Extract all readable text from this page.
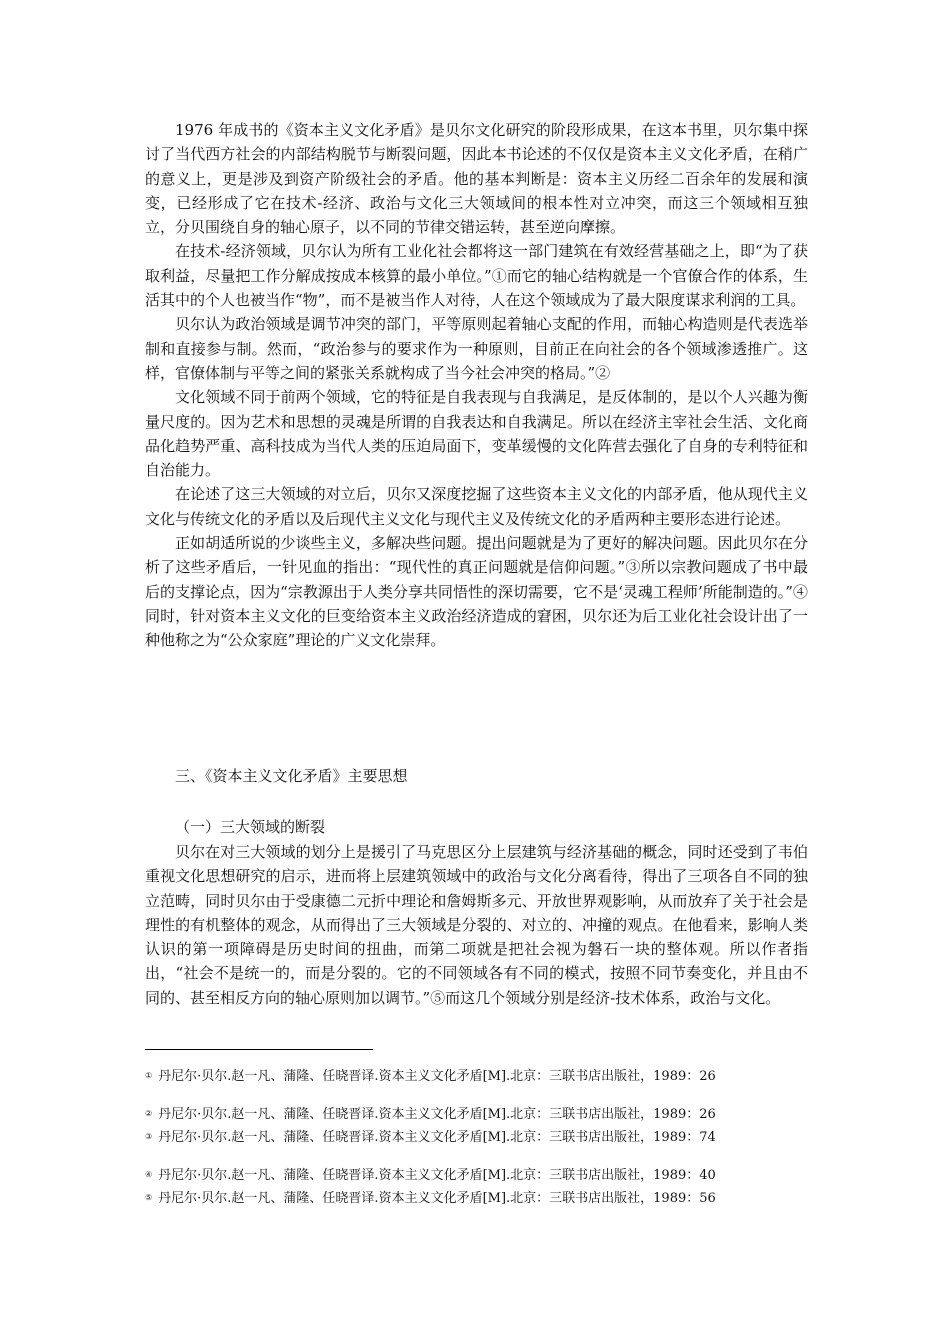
1976 年成书的《资本主义文化矛盾》是贝尔文化研究的阶段形成果，在这本书里，贝尔集中探讨了当代西方社会的内部结构脱节与断裂问题，因此本书论述的不仅仅是资本主义文化矛盾，在稍广的意义上，更是涉及到资产阶级社会的矛盾。他的基本判断是：资本主义历经二百余年的发展和演变，已经形成了它在技术-经济、政治与文化三大领域间的根本性对立冲突，而这三个领域相互独立，分贝围绕自身的轴心原子，以不同的节律交错运转，甚至逆向摩擦。

在技术-经济领域，贝尔认为所有工业化社会都将这一部门建筑在有效经营基础之上，即“为了获取利益，尽量把工作分解成按成本核算的最小单位。”①而它的轴心结构就是一个官僚合作的体系，生活其中的个人也被当作“物”，而不是被当作人对待，人在这个领域成为了最大限度谋求利润的工具。

贝尔认为政治领域是调节冲突的部门，平等原则起着轴心支配的作用，而轴心构造则是代表选举制和直接参与制。然而，“政治参与的要求作为一种原则，目前正在向社会的各个领域渗透推广。这样，官僚体制与平等之间的紧张关系就构成了当今社会冲突的格局。”②

文化领域不同于前两个领域，它的特征是自我表现与自我满足，是反体制的，是以个人兴趣为衡量尺度的。因为艺术和思想的灵魂是所谓的自我表达和自我满足。所以在经济主宰社会生活、文化商品化趋势严重、高科技成为当代人类的压迫局面下，变革缓慢的文化阵营去强化了自身的专利特征和自治能力。

在论述了这三大领域的对立后，贝尔又深度挖掘了这些资本主义文化的内部矛盾，他从现代主义文化与传统文化的矛盾以及后现代主义文化与现代主义及传统文化的矛盾两种主要形态进行论述。

正如胡适所说的少谈些主义，多解决些问题。提出问题就是为了更好的解决问题。因此贝尔在分析了这些矛盾后，一针见血的指出：“现代性的真正问题就是信仰问题。”③所以宗教问题成了书中最后的支撑论点，因为“宗教源出于人类分享共同悟性的深切需要，它不是‘灵魂工程师’所能制造的。”④同时，针对资本主义文化的巨变给资本主义政治经济造成的窘困，贝尔还为后工业化社会设计出了一种他称之为“公众家庭”理论的广义文化崇拜。

三、《资本主义文化矛盾》主要思想
（一）三大领域的断裂

贝尔在对三大领域的划分上是援引了马克思区分上层建筑与经济基础的概念，同时还受到了韦伯重视文化思想研究的启示，进而将上层建筑领域中的政治与文化分离看待，得出了三项各自不同的独立范畴，同时贝尔由于受康德二元折中理论和詹姆斯多元、开放世界观影响，从而放弃了关于社会是理性的有机整体的观念，从而得出了三大领域是分裂的、对立的、冲撞的观点。在他看来，影响人类认识的第一项障碍是历史时间的扭曲，而第二项就是把社会视为磐石一块的整体观。所以作者指出，“社会不是统一的，而是分裂的。它的不同领域各有不同的模式，按照不同节奏变化，并且由不同的、甚至相反方向的轴心原则加以调节。”⑤而这几个领域分别是经济-技术体系，政治与文化。

① 丹尼尔·贝尔.赵一凡、蒲隆、任晓晋译.资本主义文化矛盾[M].北京：三联书店出版社，1989：26
② 丹尼尔·贝尔.赵一凡、蒲隆、任晓晋译.资本主义文化矛盾[M].北京：三联书店出版社，1989：26
③ 丹尼尔·贝尔.赵一凡、蒲隆、任晓晋译.资本主义文化矛盾[M].北京：三联书店出版社，1989：74
④ 丹尼尔·贝尔.赵一凡、蒲隆、任晓晋译.资本主义文化矛盾[M].北京：三联书店出版社，1989：40
⑤ 丹尼尔·贝尔.赵一凡、蒲隆、任晓晋译.资本主义文化矛盾[M].北京：三联书店出版社，1989：56
